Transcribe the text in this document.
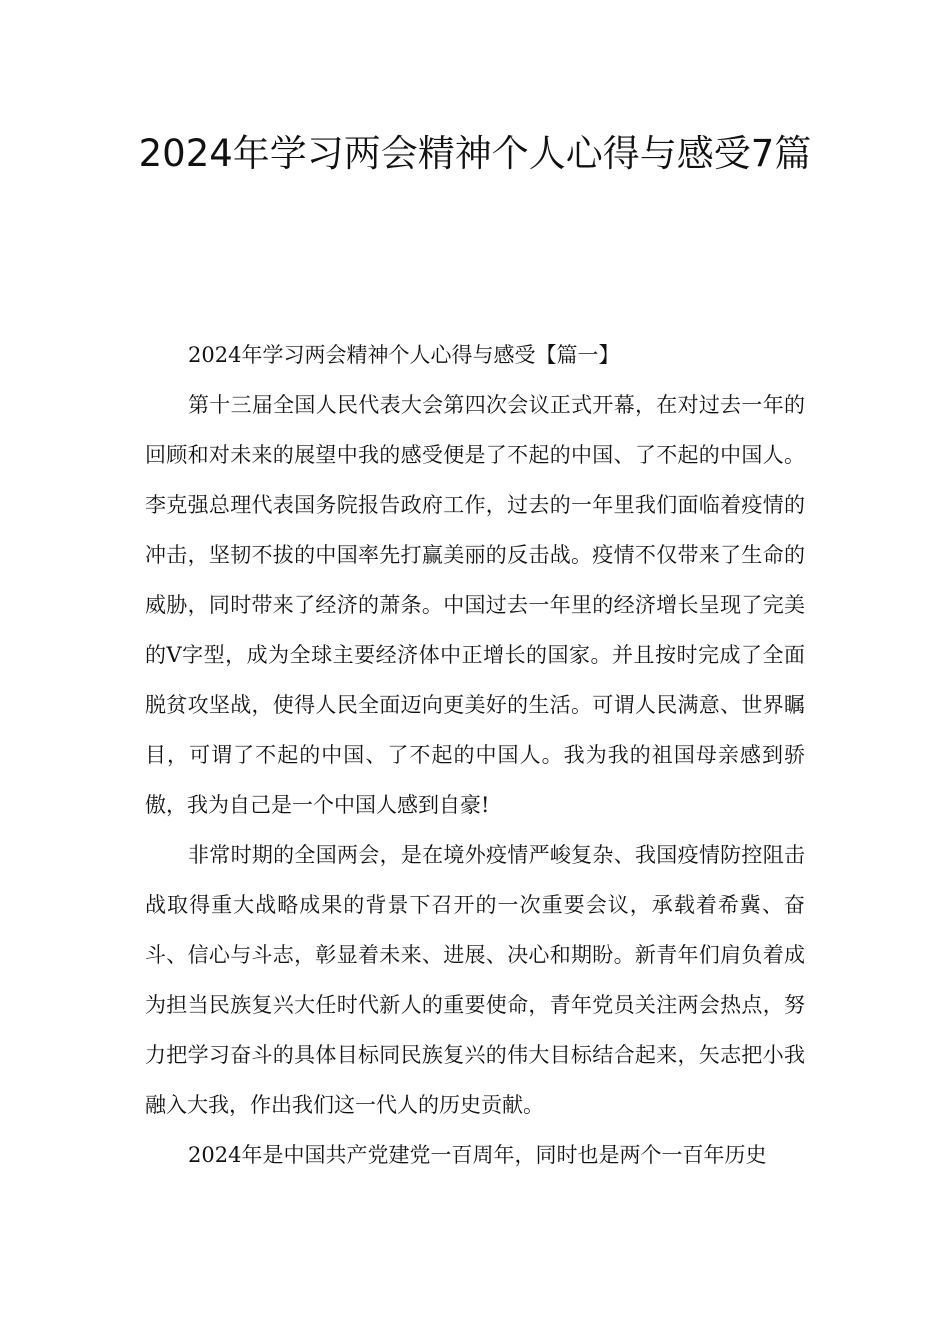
2024年学习两会精神个人心得与感受7篇

2024年学习两会精神个人心得与感受【篇一】

第十三届全国人民代表大会第四次会议正式开幕，在对过去一年的回顾和对未来的展望中我的感受便是了不起的中国、了不起的中国人。李克强总理代表国务院报告政府工作，过去的一年里我们面临着疫情的冲击，坚韧不拔的中国率先打赢美丽的反击战。疫情不仅带来了生命的威胁，同时带来了经济的萧条。中国过去一年里的经济增长呈现了完美的V字型，成为全球主要经济体中正增长的国家。并且按时完成了全面脱贫攻坚战，使得人民全面迈向更美好的生活。可谓人民满意、世界瞩目，可谓了不起的中国、了不起的中国人。我为我的祖国母亲感到骄傲，我为自己是一个中国人感到自豪!

非常时期的全国两会，是在境外疫情严峻复杂、我国疫情防控阻击战取得重大战略成果的背景下召开的一次重要会议，承载着希冀、奋斗、信心与斗志，彰显着未来、进展、决心和期盼。新青年们肩负着成为担当民族复兴大任时代新人的重要使命，青年党员关注两会热点，努力把学习奋斗的具体目标同民族复兴的伟大目标结合起来，矢志把小我融入大我，作出我们这一代人的历史贡献。

2024年是中国共产党建党一百周年，同时也是两个一百年历史
